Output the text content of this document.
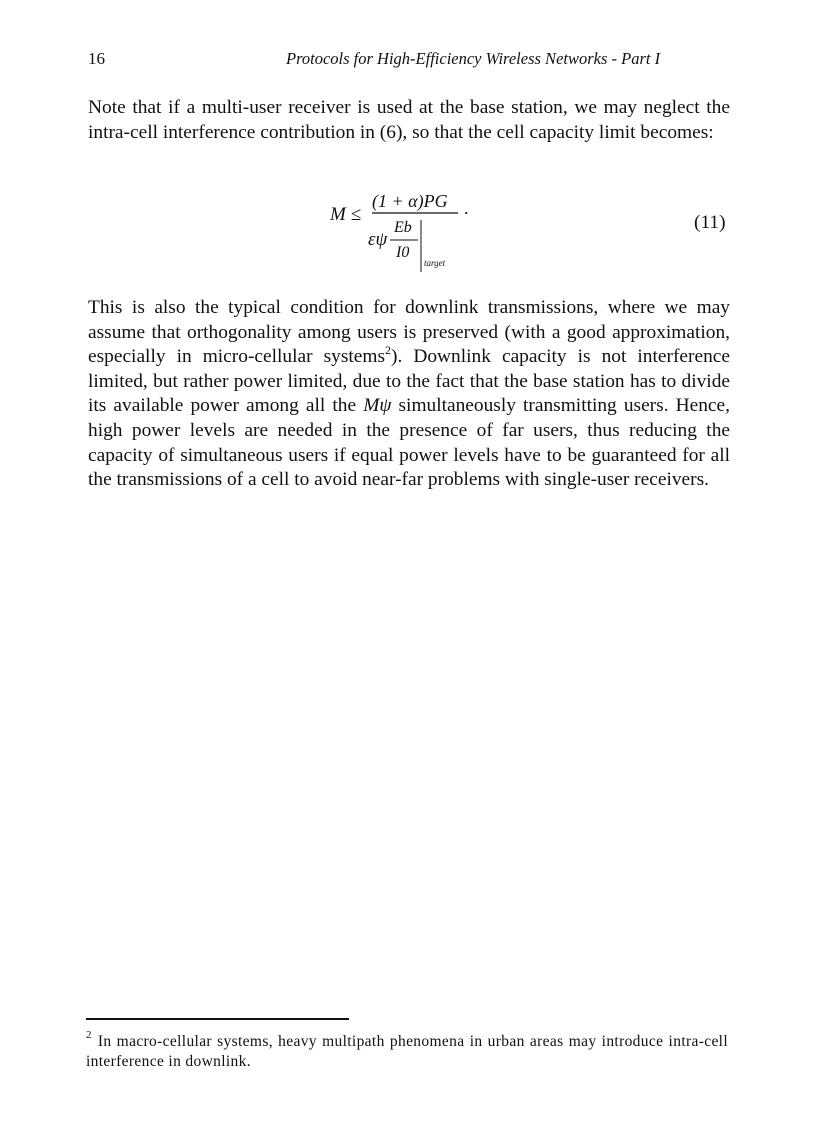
16	Protocols for High-Efficiency Wireless Networks - Part I

Note that if a multi-user receiver is used at the base station, we may neglect the intra-cell interference contribution in (6), so that the cell capacity limit becomes:

M ≤
(1 + α)PG .
εψ
Eb
I0
target
(11)

This is also the typical condition for downlink transmissions, where we may assume that orthogonality among users is preserved (with a good approximation, especially in micro-cellular systems$^2$). Downlink capacity is not interference limited, but rather power limited, due to the fact that the base station has to divide its available power among all the Mψ simultaneously transmitting users. Hence, high power levels are needed in the presence of far users, thus reducing the capacity of simultaneous users if equal power levels have to be guaranteed for all the transmissions of a cell to avoid near-far problems with single-user receivers.

$^2$ In macro-cellular systems, heavy multipath phenomena in urban areas may introduce intra-cell interference in downlink.
